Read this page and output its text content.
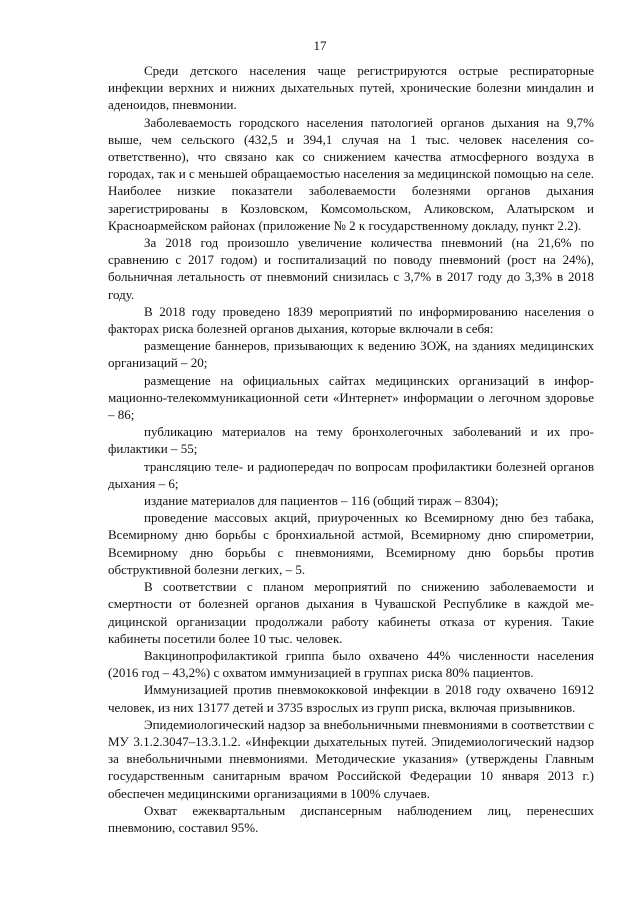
17

Среди детского населения чаще регистрируются острые респираторные инфекции верхних и нижних дыхательных путей, хронические болезни миндалин и аденоидов, пневмонии.

Заболеваемость городского населения патологией органов дыхания на 9,7% выше, чем сельского (432,5 и 394,1 случая на 1 тыс. человек населения соответственно), что связано как со снижением качества атмосферного воздуха в городах, так и с меньшей обращаемостью населения за медицинской помощью на селе. Наиболее низкие показатели заболеваемости болезнями органов дыхания зарегистрированы в Козловском, Комсомольском, Аликовском, Алатырском и Красноармейском районах (приложение № 2 к государственному докладу, пункт 2.2).

За 2018 год произошло увеличение количества пневмоний (на 21,6% по сравнению с 2017 годом) и госпитализаций по поводу пневмоний (рост на 24%), больничная летальность от пневмоний снизилась с 3,7% в 2017 году до 3,3% в 2018 году.

В 2018 году проведено 1839 мероприятий по информированию населения о факторах риска болезней органов дыхания, которые включали в себя:

размещение баннеров, призывающих к ведению ЗОЖ, на зданиях медицинских организаций – 20;

размещение на официальных сайтах медицинских организаций в информационно-телекоммуникационной сети «Интернет» информации о легочном здоровье – 86;

публикацию материалов на тему бронхолегочных заболеваний и их профилактики – 55;

трансляцию теле- и радиопередач по вопросам профилактики болезней органов дыхания – 6;

издание материалов для пациентов – 116 (общий тираж – 8304);

проведение массовых акций, приуроченных ко Всемирному дню без табака, Всемирному дню борьбы с бронхиальной астмой, Всемирному дню спирометрии, Всемирному дню борьбы с пневмониями, Всемирному дню борьбы против обструктивной болезни легких, – 5.

В соответствии с планом мероприятий по снижению заболеваемости и смертности от болезней органов дыхания в Чувашской Республике в каждой медицинской организации продолжали работу кабинеты отказа от курения. Такие кабинеты посетили более 10 тыс. человек.

Вакцинопрофилактикой гриппа было охвачено 44% численности населения (2016 год – 43,2%) с охватом иммунизацией в группах риска 80% пациентов.

Иммунизацией против пневмококковой инфекции в 2018 году охвачено 16912 человек, из них 13177 детей и 3735 взрослых из групп риска, включая призывников.

Эпидемиологический надзор за внебольничными пневмониями в соответствии с МУ 3.1.2.3047–13.3.1.2. «Инфекции дыхательных путей. Эпидемиологический надзор за внебольничными пневмониями. Методические указания» (утверждены Главным государственным санитарным врачом Российской Федерации 10 января 2013 г.) обеспечен медицинскими организациями в 100% случаев.

Охват ежеквартальным диспансерным наблюдением лиц, перенесших пневмонию, составил 95%.
